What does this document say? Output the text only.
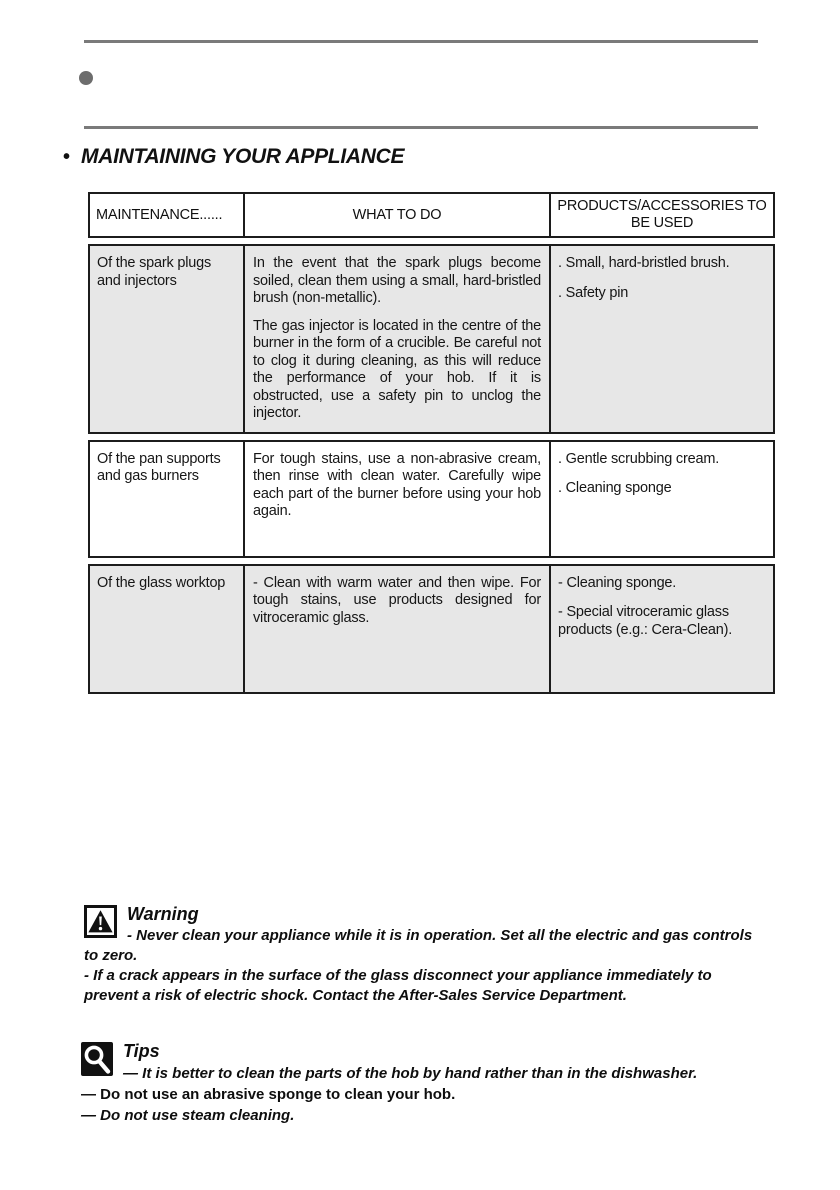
• MAINTAINING YOUR APPLIANCE
MAINTENANCE......	WHAT TO DO
PRODUCTS/ACCESSORIES TO BE USED
Of the spark plugs and injectors

In the event that the spark plugs become soiled, clean them using a small, hard-bristled brush (non-metallic).

The gas injector is located in the centre of the burner in the form of a crucible. Be careful not to clog it during cleaning, as this will reduce the performance of your hob. If it is obstructed, use a safety pin to unclog the injector.

. Small, hard-bristled brush.

. Safety pin

Of the pan supports and gas burners

For tough stains, use a non-abrasive cream, then rinse with clean water. Carefully wipe each part of the burner before using your hob again.

. Gentle scrubbing cream.

. Cleaning sponge

Of the glass worktop	- Clean with warm water and then wipe. For tough stains, use products designed for vitroceramic glass.

- Cleaning sponge.

- Special vitroceramic glass products (e.g.: Cera-Clean).

Warning

- Never clean your appliance while it is in operation. Set all the electric and gas controls to zero.

- If a crack appears in the surface of the glass disconnect your appliance immediately to prevent a risk of electric shock. Contact the After-Sales Service Department.

Tips

— It is better to clean the parts of the hob by hand rather than in the dishwasher.

— Do not use an abrasive sponge to clean your hob.

— Do not use steam cleaning.
